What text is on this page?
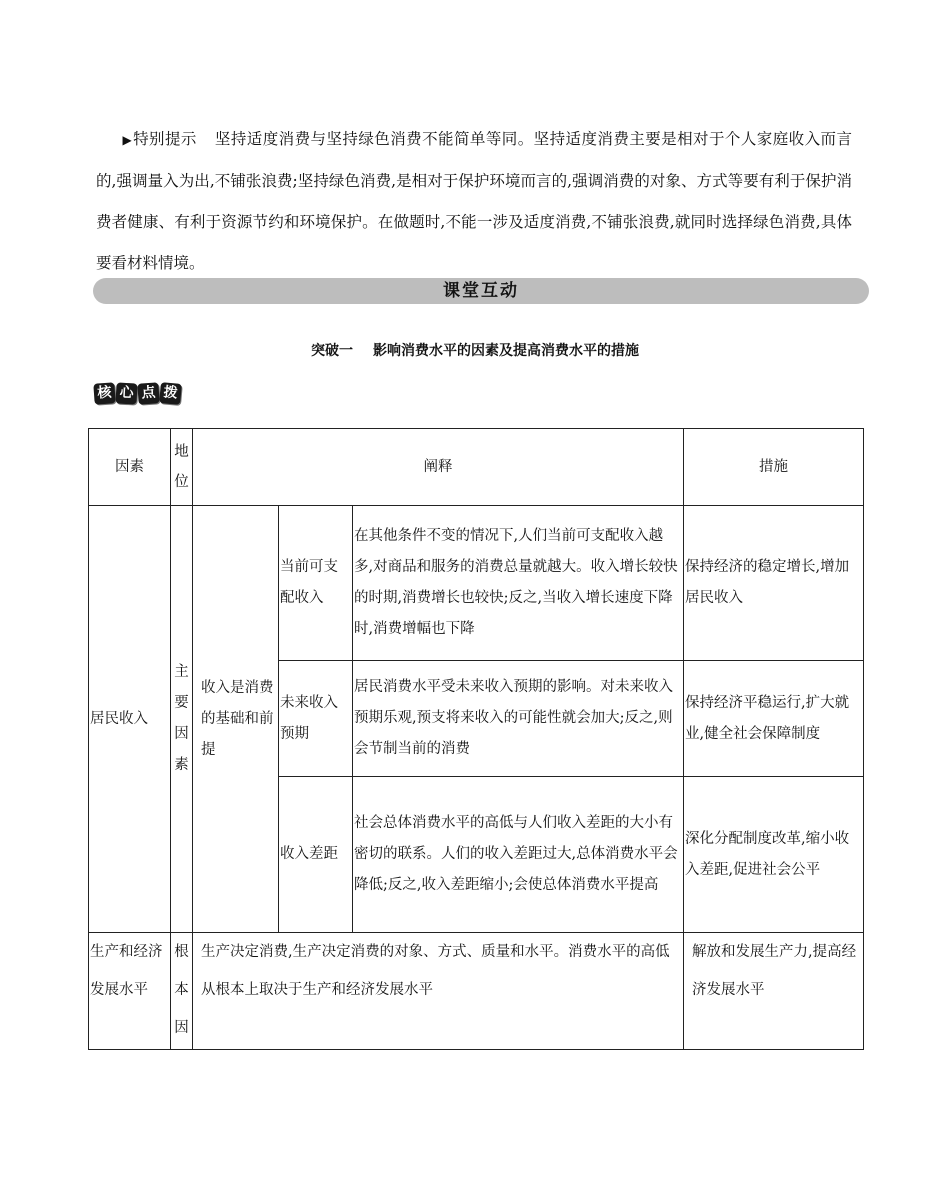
▶特别提示 坚持适度消费与坚持绿色消费不能简单等同。坚持适度消费主要是相对于个人家庭收入而言的,强调量入为出,不铺张浪费;坚持绿色消费,是相对于保护环境而言的,强调消费的对象、方式等要有利于保护消费者健康、有利于资源节约和环境保护。在做题时,不能一涉及适度消费,不铺张浪费,就同时选择绿色消费,具体要看材料情境。
课堂互动
突破一 影响消费水平的因素及提高消费水平的措施
核 心 点 拨
因素	地位	阐释			措施
居民收入	主要因素	收入是消费的基础和前提	当前可支配收入	在其他条件不变的情况下,人们当前可支配收入越多,对商品和服务的消费总量就越大。收入增长较快的时期,消费增长也较快;反之,当收入增长速度下降时,消费增幅也下降	保持经济的稳定增长,增加居民收入
			未来收入预期	居民消费水平受未来收入预期的影响。对未来收入预期乐观,预支将来收入的可能性就会加大;反之,则会节制当前的消费	保持经济平稳运行,扩大就业,健全社会保障制度
			收入差距	社会总体消费水平的高低与人们收入差距的大小有密切的联系。人们的收入差距过大,总体消费水平会降低;反之,收入差距缩小;会使总体消费水平提高	深化分配制度改革,缩小收入差距,促进社会公平
生产和经济发展水平	根本因	生产决定消费,生产决定消费的对象、方式、质量和水平。消费水平的高低从根本上取决于生产和经济发展水平			解放和发展生产力,提高经济发展水平
